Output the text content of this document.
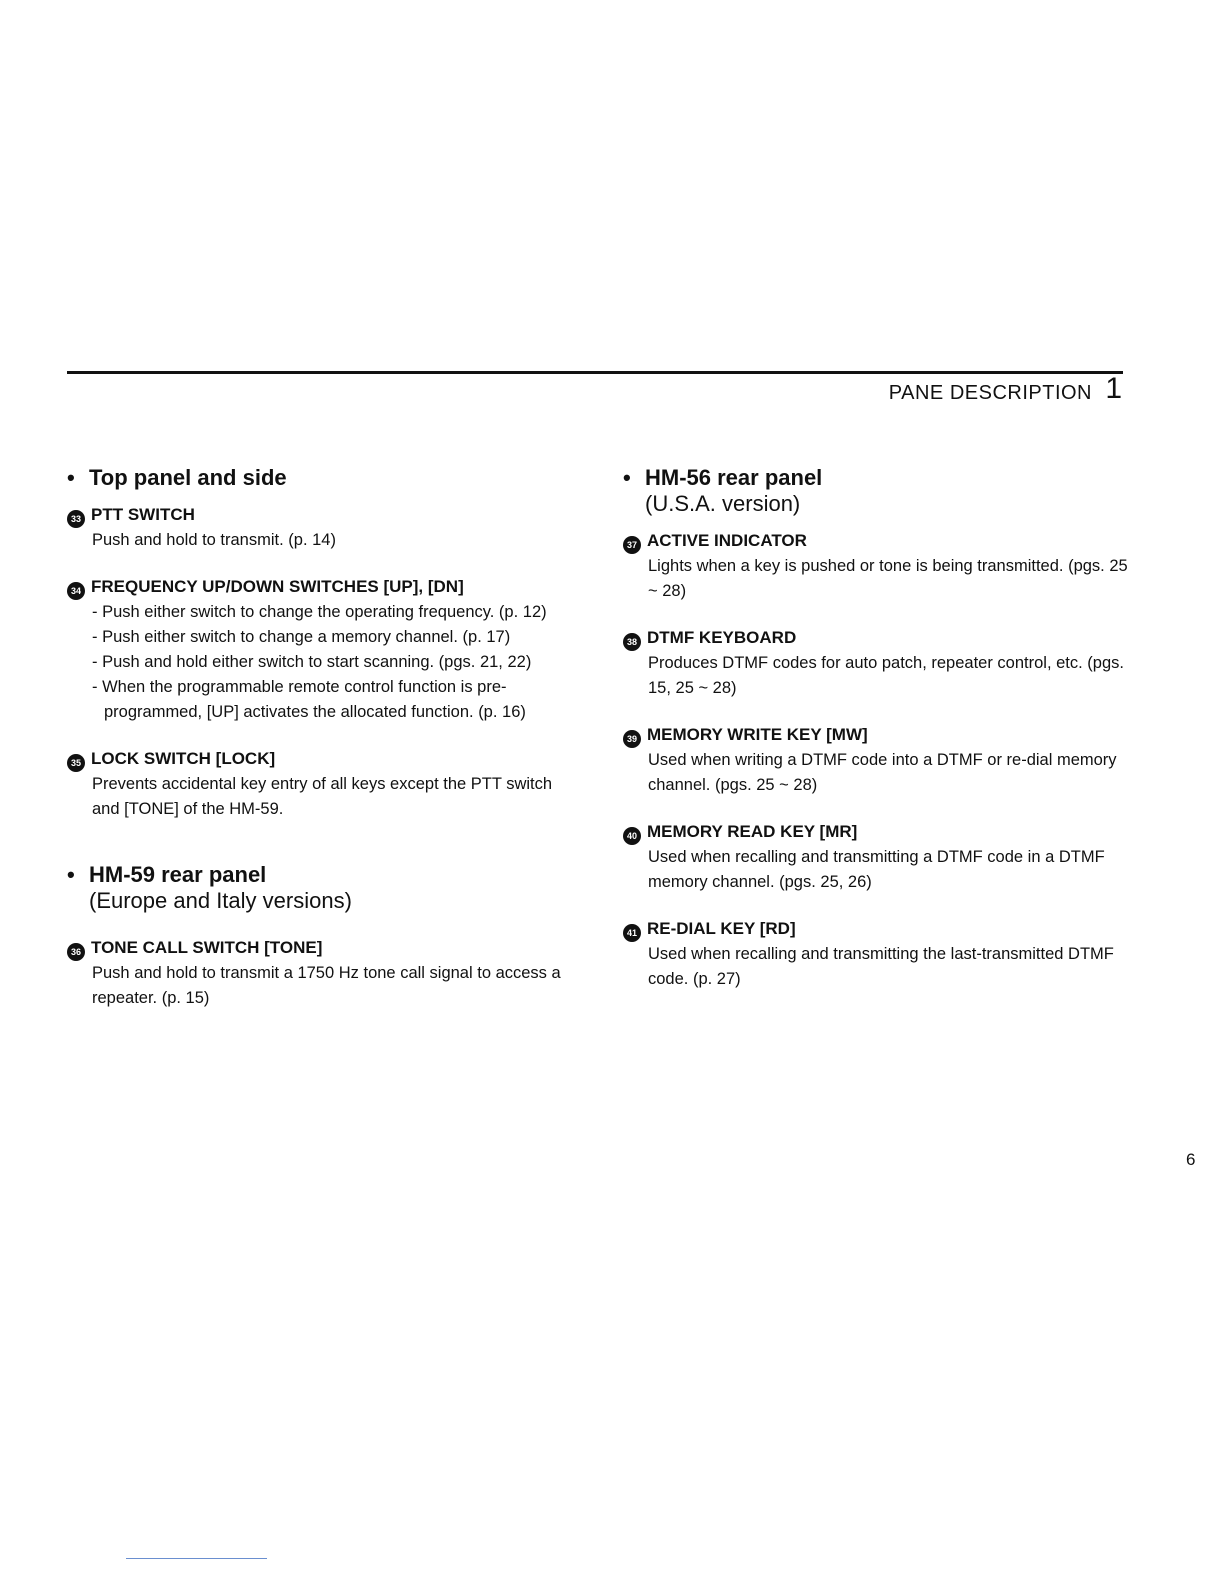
PANE DESCRIPTION 1
• Top panel and side
33 PTT SWITCH
Push and hold to transmit. (p. 14)
34 FREQUENCY UP/DOWN SWITCHES [UP], [DN]
- Push either switch to change the operating frequency. (p. 12)
- Push either switch to change a memory channel. (p. 17)
- Push and hold either switch to start scanning. (pgs. 21, 22)
- When the programmable remote control function is pre-programmed, [UP] activates the allocated function. (p. 16)
35 LOCK SWITCH [LOCK]
Prevents accidental key entry of all keys except the PTT switch and [TONE] of the HM-59.
• HM-59 rear panel
(Europe and Italy versions)
36 TONE CALL SWITCH [TONE]
Push and hold to transmit a 1750 Hz tone call signal to access a repeater. (p. 15)
• HM-56 rear panel
(U.S.A. version)
37 ACTIVE INDICATOR
Lights when a key is pushed or tone is being transmitted. (pgs. 25 ~ 28)
38 DTMF KEYBOARD
Produces DTMF codes for auto patch, repeater control, etc. (pgs. 15, 25 ~ 28)
39 MEMORY WRITE KEY [MW]
Used when writing a DTMF code into a DTMF or re-dial memory channel. (pgs. 25 ~ 28)
40 MEMORY READ KEY [MR]
Used when recalling and transmitting a DTMF code in a DTMF memory channel. (pgs. 25, 26)
41 RE-DIAL KEY [RD]
Used when recalling and transmitting the last-transmitted DTMF code. (p. 27)
6
